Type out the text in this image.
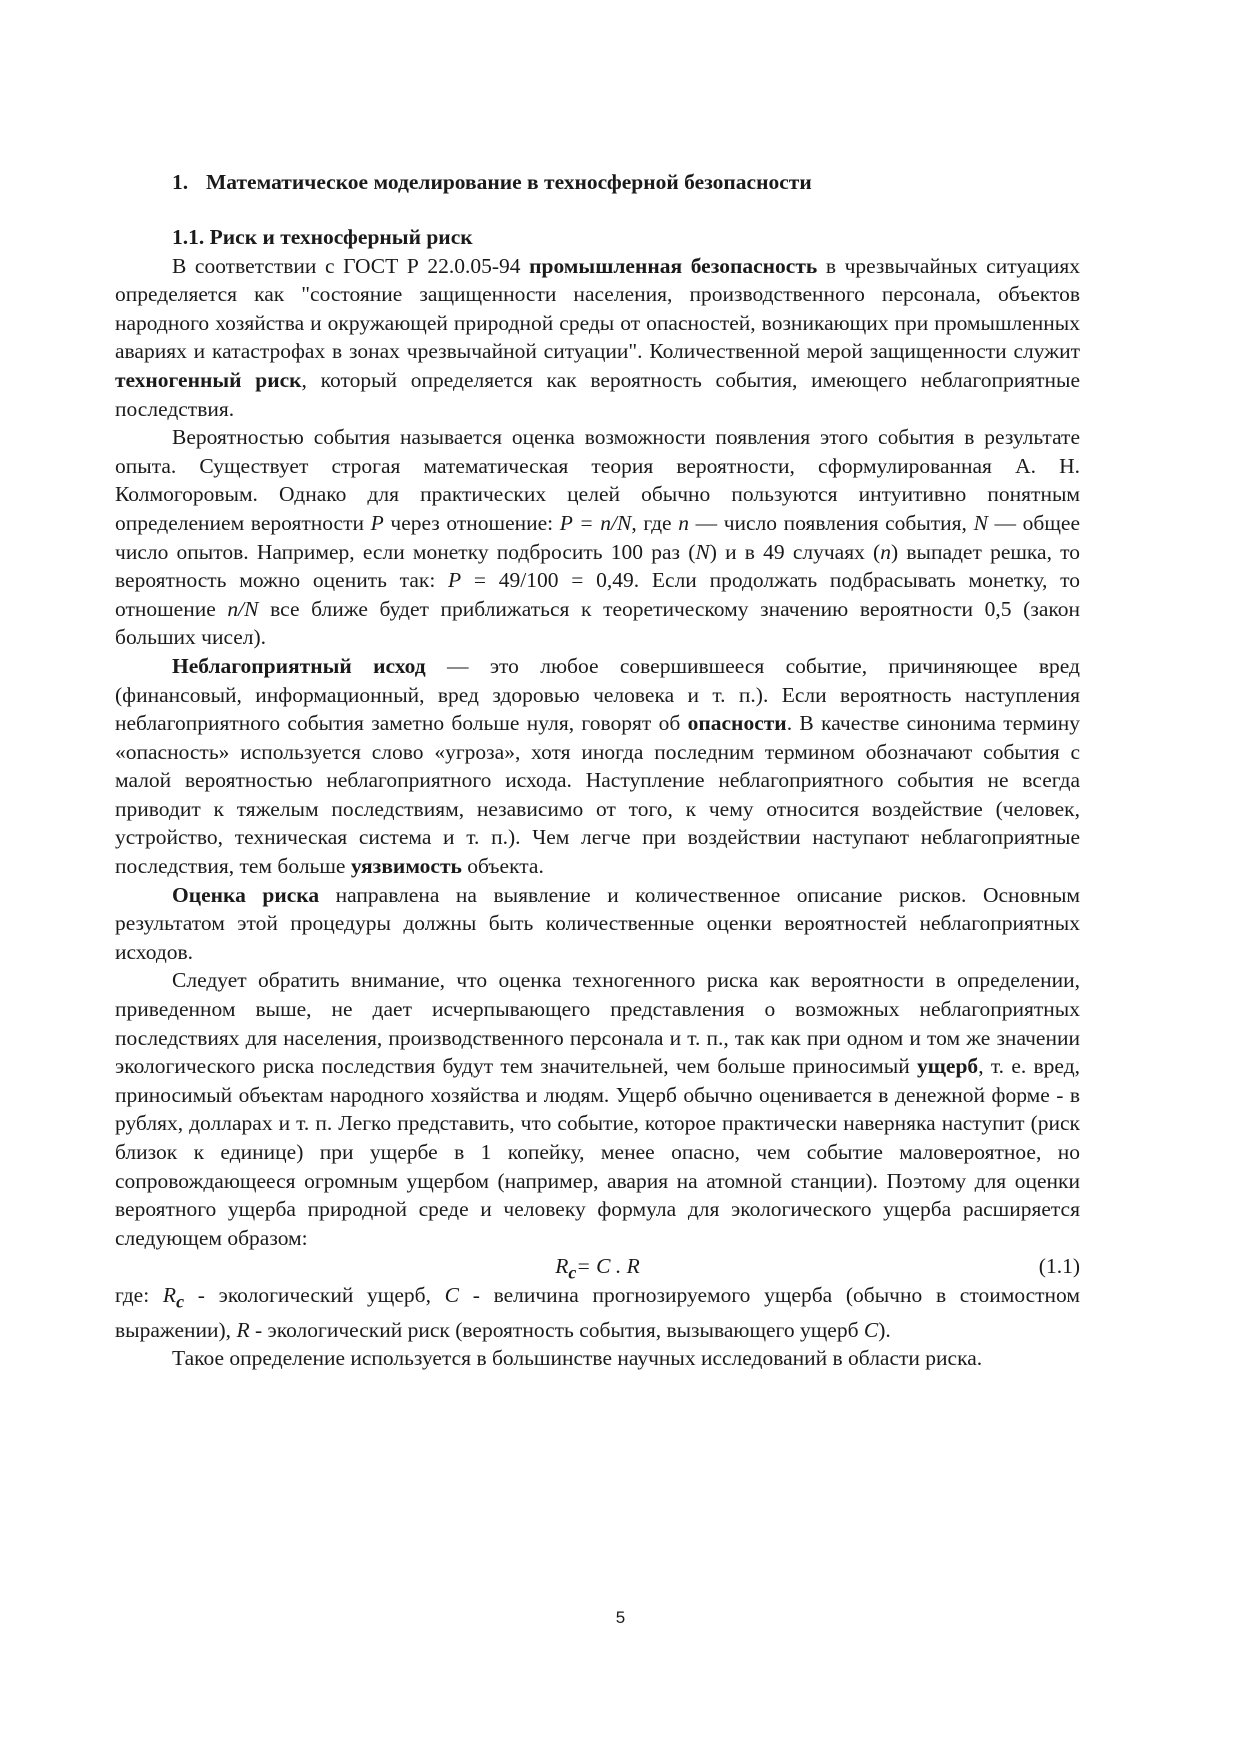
1. Математическое моделирование в техносферной безопасности
1.1. Риск и техносферный риск

В соответствии с ГОСТ Р 22.0.05-94 промышленная безопасность в чрезвычайных ситуациях определяется как "состояние защищенности населения, производственного персонала, объектов народного хозяйства и окружающей природной среды от опасностей, возникающих при промышленных авариях и катастрофах в зонах чрезвычайной ситуации". Количественной мерой защищенности служит техногенный риск, который определяется как вероятность события, имеющего неблагоприятные последствия.

Вероятностью события называется оценка возможности появления этого события в результате опыта. Существует строгая математическая теория вероятности, сформулированная А. Н. Колмогоровым. Однако для практических целей обычно пользуются интуитивно понятным определением вероятности P через отношение: P = n/N, где n — число появления события, N — общее число опытов. Например, если монетку подбросить 100 раз (N) и в 49 случаях (n) выпадет решка, то вероятность можно оценить так: P = 49/100 = 0,49. Если продолжать подбрасывать монетку, то отношение n/N все ближе будет приближаться к теоретическому значению вероятности 0,5 (закон больших чисел).

Неблагоприятный исход — это любое совершившееся событие, причиняющее вред (финансовый, информационный, вред здоровью человека и т. п.). Если вероятность наступления неблагоприятного события заметно больше нуля, говорят об опасности. В качестве синонима термину «опасность» используется слово «угроза», хотя иногда последним термином обозначают события с малой вероятностью неблагоприятного исхода. Наступление неблагоприятного события не всегда приводит к тяжелым последствиям, независимо от того, к чему относится воздействие (человек, устройство, техническая система и т. п.). Чем легче при воздействии наступают неблагоприятные последствия, тем больше уязвимость объекта.

Оценка риска направлена на выявление и количественное описание рисков. Основным результатом этой процедуры должны быть количественные оценки вероятностей неблагоприятных исходов.

Следует обратить внимание, что оценка техногенного риска как вероятности в определении, приведенном выше, не дает исчерпывающего представления о возможных неблагоприятных последствиях для населения, производственного персонала и т. п., так как при одном и том же значении экологического риска последствия будут тем значительней, чем больше приносимый ущерб, т. е. вред, приносимый объектам народного хозяйства и людям. Ущерб обычно оценивается в денежной форме - в рублях, долларах и т. п. Легко представить, что событие, которое практически наверняка наступит (риск близок к единице) при ущербе в 1 копейку, менее опасно, чем событие маловероятное, но сопровождающееся огромным ущербом (например, авария на атомной станции). Поэтому для оценки вероятного ущерба природной среде и человеку формула для экологического ущерба расширяется следующем образом:

$R_c= C$ . R	(1.1)

где: $R_c$ - экологический ущерб, C - величина прогнозируемого ущерба (обычно в стоимостном выражении), R - экологический риск (вероятность события, вызывающего ущерб C).

Такое определение используется в большинстве научных исследований в области риска.

5
